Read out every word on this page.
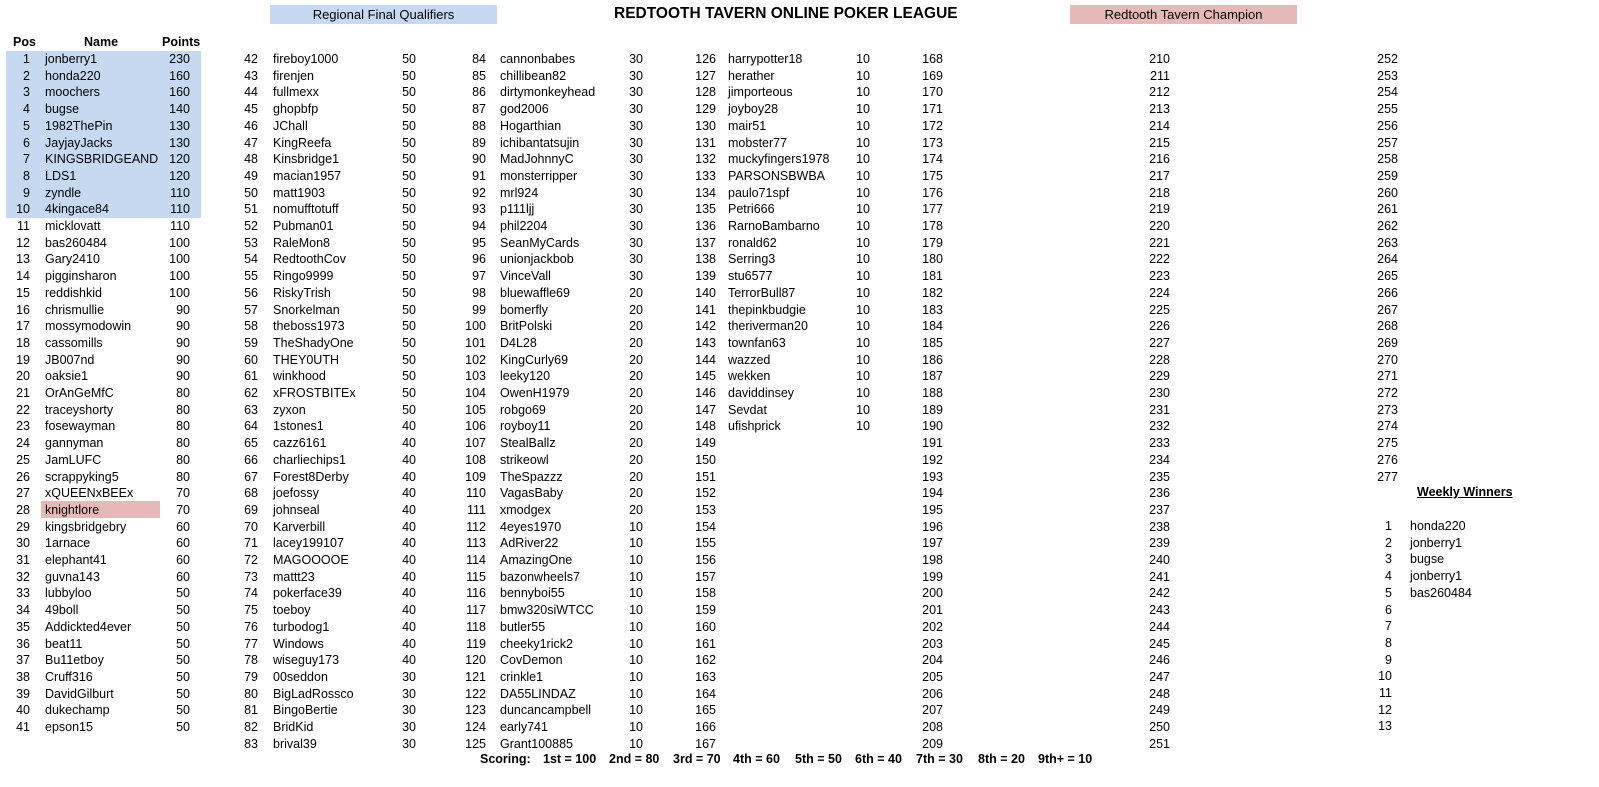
Regional Final Qualifiers	REDTOOTH TAVERN ONLINE POKER LEAGUE	Redtooth Tavern Champion
Pos	Name	Points
1 jonberry1	230
2 honda220	160
3 moochers	160
4 bugse	140
5 1982ThePin	130
6 JayjayJacks	130
7 KINGSBRIDGEAND 120
8 LDS1	120
9 zyndle	110
10 4kingace84	110
11 micklovatt	110
12 bas260484	100
13 Gary2410	100
14 pigginsharon	100
15 reddishkid	100
16 chrismullie	90
17 mossymodowin	90
18 cassomills	90
19 JB007nd	90
20 oaksie1	90
21 OrAnGeMfC	80
22 traceyshorty	80
23 fosewayman	80
24 gannyman	80
25 JamLUFC	80
26 scrappyking5	80
27 xQUEENxBEEx	70
28 knightlore	70
29 kingsbridgebry	60
30 1arnace	60
31 elephant41	60
32 guvna143	60
33 lubbyloo	50
34 49boll	50
35 Addickted4ever	50
36 beat11	50
37 Bu11etboy	50
38 Cruff316	50
39 DavidGilburt	50
40 dukechamp	50
41 epson15	50
42 fireboy1000	50
43 firenjen	50
44 fullmexx	50
45 ghopbfp	50
46 JChall	50
47 KingReefa	50
48 Kinsbridge1	50
49 macian1957	50
50 matt1903	50
51 nomufftotuff	50
52 Pubman01	50
53 RaleMon8	50
54 RedtoothCov	50
55 Ringo9999	50
56 RiskyTrish	50
57 Snorkelman	50
58 theboss1973	50
59 TheShadyOne	50
60 THEY0UTH	50
61 winkhood	50
62 xFROSTBITEx	50
63 zyxon	50
64 1stones1	40
65 cazz6161	40
66 charliechips1	40
67 Forest8Derby	40
68 joefossy	40
69 johnseal	40
70 Karverbill	40
71 lacey199107	40
72 MAGOOOOE	40
73 mattt23	40
74 pokerface39	40
75 toeboy	40
76 turbodog1	40
77 Windows	40
78 wiseguy173	40
79 00seddon	30
80 BigLadRossco	30
81 BingoBertie	30
82 BridKid	30
83 brival39	30
84 cannonbabes	30
85 chillibean82	30
86 dirtymonkeyhead	30
87 god2006	30
88 Hogarthian	30
89 ichibantatsujin	30
90 MadJohnnyC	30
91 monsterripper	30
92 mrl924	30
93 p111ljj	30
94 phil2204	30
95 SeanMyCards	30
96 unionjackbob	30
97 VinceVall	30
98 bluewaffle69	20
99 bomerfly	20
100 BritPolski	20
101 D4L28	20
102 KingCurly69	20
103 leeky120	20
104 OwenH1979	20
105 robgo69	20
106 royboy11	20
107 StealBallz	20
108 strikeowl	20
109 TheSpazzz	20
110 VagasBaby	20
111 xmodgex	20
112 4eyes1970	10
113 AdRiver22	10
114 AmazingOne	10
115 bazonwheels7	10
116 bennyboi55	10
117 bmw320siWTCC	10
118 butler55	10
119 cheeky1rick2	10
120 CovDemon	10
121 crinkle1	10
122 DA55LINDAZ	10
123 duncancampbell	10
124 early741	10
125 Grant100885	10
126 harrypotter18	10
127 herather	10
128 jimporteous	10
129 joyboy28	10
130 mair51	10
131 mobster77	10
132 muckyfingers1978	10
133 PARSONSBWBA	10
134 paulo71spf	10
135 Petri666	10
136 RarnoBambarno	10
137 ronald62	10
138 Serring3	10
139 stu6577	10
140 TerrorBull87	10
141 thepinkbudgie	10
142 theriverman20	10
143 townfan63	10
144 wazzed	10
145 wekken	10
146 daviddinsey	10
147 Sevdat	10
148 ufishprick	10
149
150
151
152
153
154
155
156
157
158
159
160
161
162
163
164
165
166
167
168
169
170
171
172
173
174
175
176
177
178
179
180
181
182
183
184
185
186
187
188
189
190
191
192
193
194
195
196
197
198
199
200
201
202
203
204
205
206
207
208
209
210
211
212
213
214
215
216
217
218
219
220
221
222
223
224
225
226
227
228
229
230
231
232
233
234
235
236
237
238
239
240
241
242
243
244
245
246
247
248
249
250
251
252
253
254
255
256
257
258
259
260
261
262
263
264
265
266
267
268
269
270
271
272
273
274
275
276
277
Weekly Winners
1 honda220
2 jonberry1
3 bugse
4 jonberry1
5 bas260484
6
7
8
9
10
11
12
13
Scoring: 1st = 100 2nd = 80 3rd = 70 4th = 60 5th = 50 6th = 40 7th = 30 8th = 20 9th+ = 10
